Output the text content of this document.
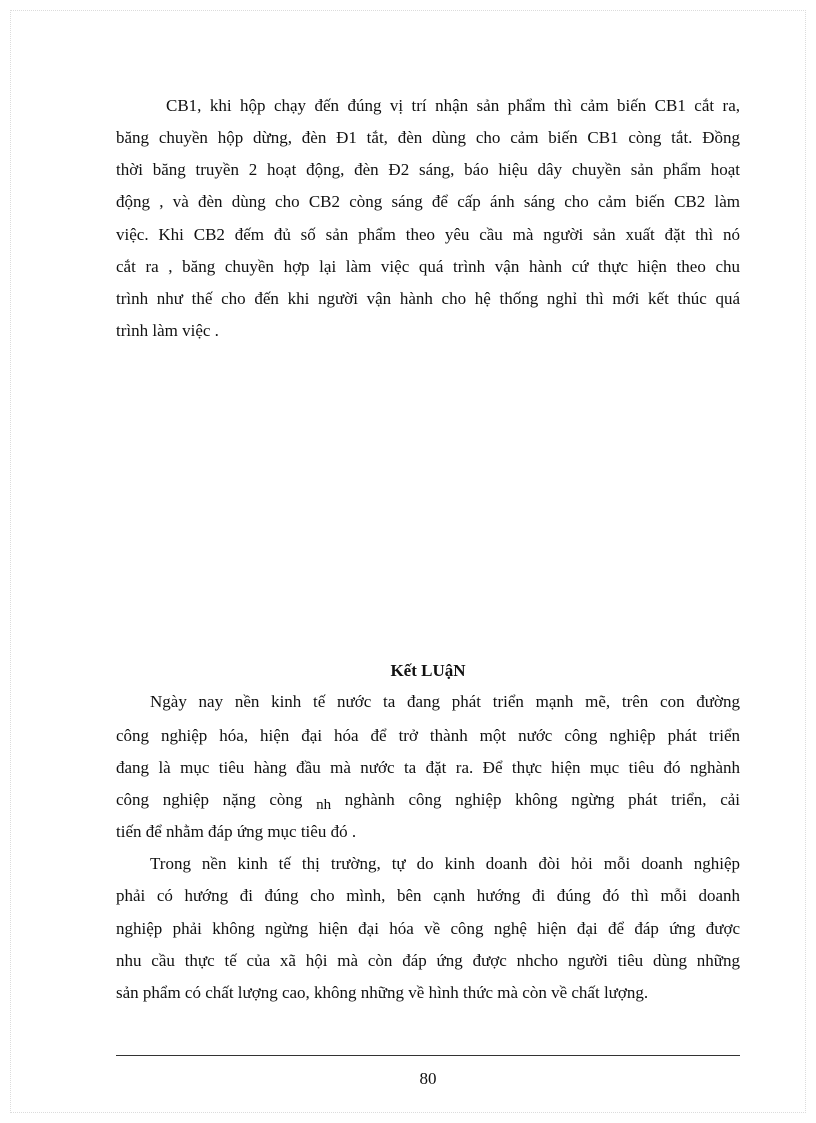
CB1, khi hộp chạy đến đúng vị trí nhận sản phẩm thì cảm biến CB1 cắt ra,
băng chuyền hộp dừng, đèn Đ1 tắt, đèn dùng cho cảm biến CB1 còng tắt. Đồng
thời băng truyền 2 hoạt động, đèn Đ2 sáng, báo hiệu dây chuyền sản phẩm hoạt
động , và đèn dùng cho CB2 còng sáng để cấp ánh sáng cho cảm biến CB2 làm
việc. Khi CB2 đếm đủ số sản phẩm theo yêu cầu mà người sản xuất đặt thì nó
cắt ra , băng chuyền hợp lại làm việc quá trình vận hành cứ thực hiện theo chu
trình như thế cho đến khi người vận hành cho hệ thống nghỉ thì mới kết thúc quá
trình làm việc .
Kết LUậN
Ngày nay nền kinh tế nước ta đang phát triển mạnh mẽ, trên con đường
công nghiệp hóa, hiện đại hóa để trở thành một nước công nghiệp phát triển
đang là mục tiêu hàng đầu mà nước ta đặt ra. Để thực hiện mục tiêu đó nghành
công nghiệp nặng còng nh nghành công nghiệp không ngừng phát triển, cải
tiến để nhằm đáp ứng mục tiêu đó .
Trong nền kinh tế thị trường, tự do kinh doanh đòi hỏi mỗi doanh nghiệp
phải có hướng đi đúng cho mình, bên cạnh hướng đi đúng đó thì mỗi doanh
nghiệp phải không ngừng hiện đại hóa về công nghệ hiện đại để đáp ứng được
nhu cầu thực tế của xã hội mà còn đáp ứng được nhcho người tiêu dùng những
sản phẩm có chất lượng cao, không những về hình thức mà còn về chất lượng.
80
